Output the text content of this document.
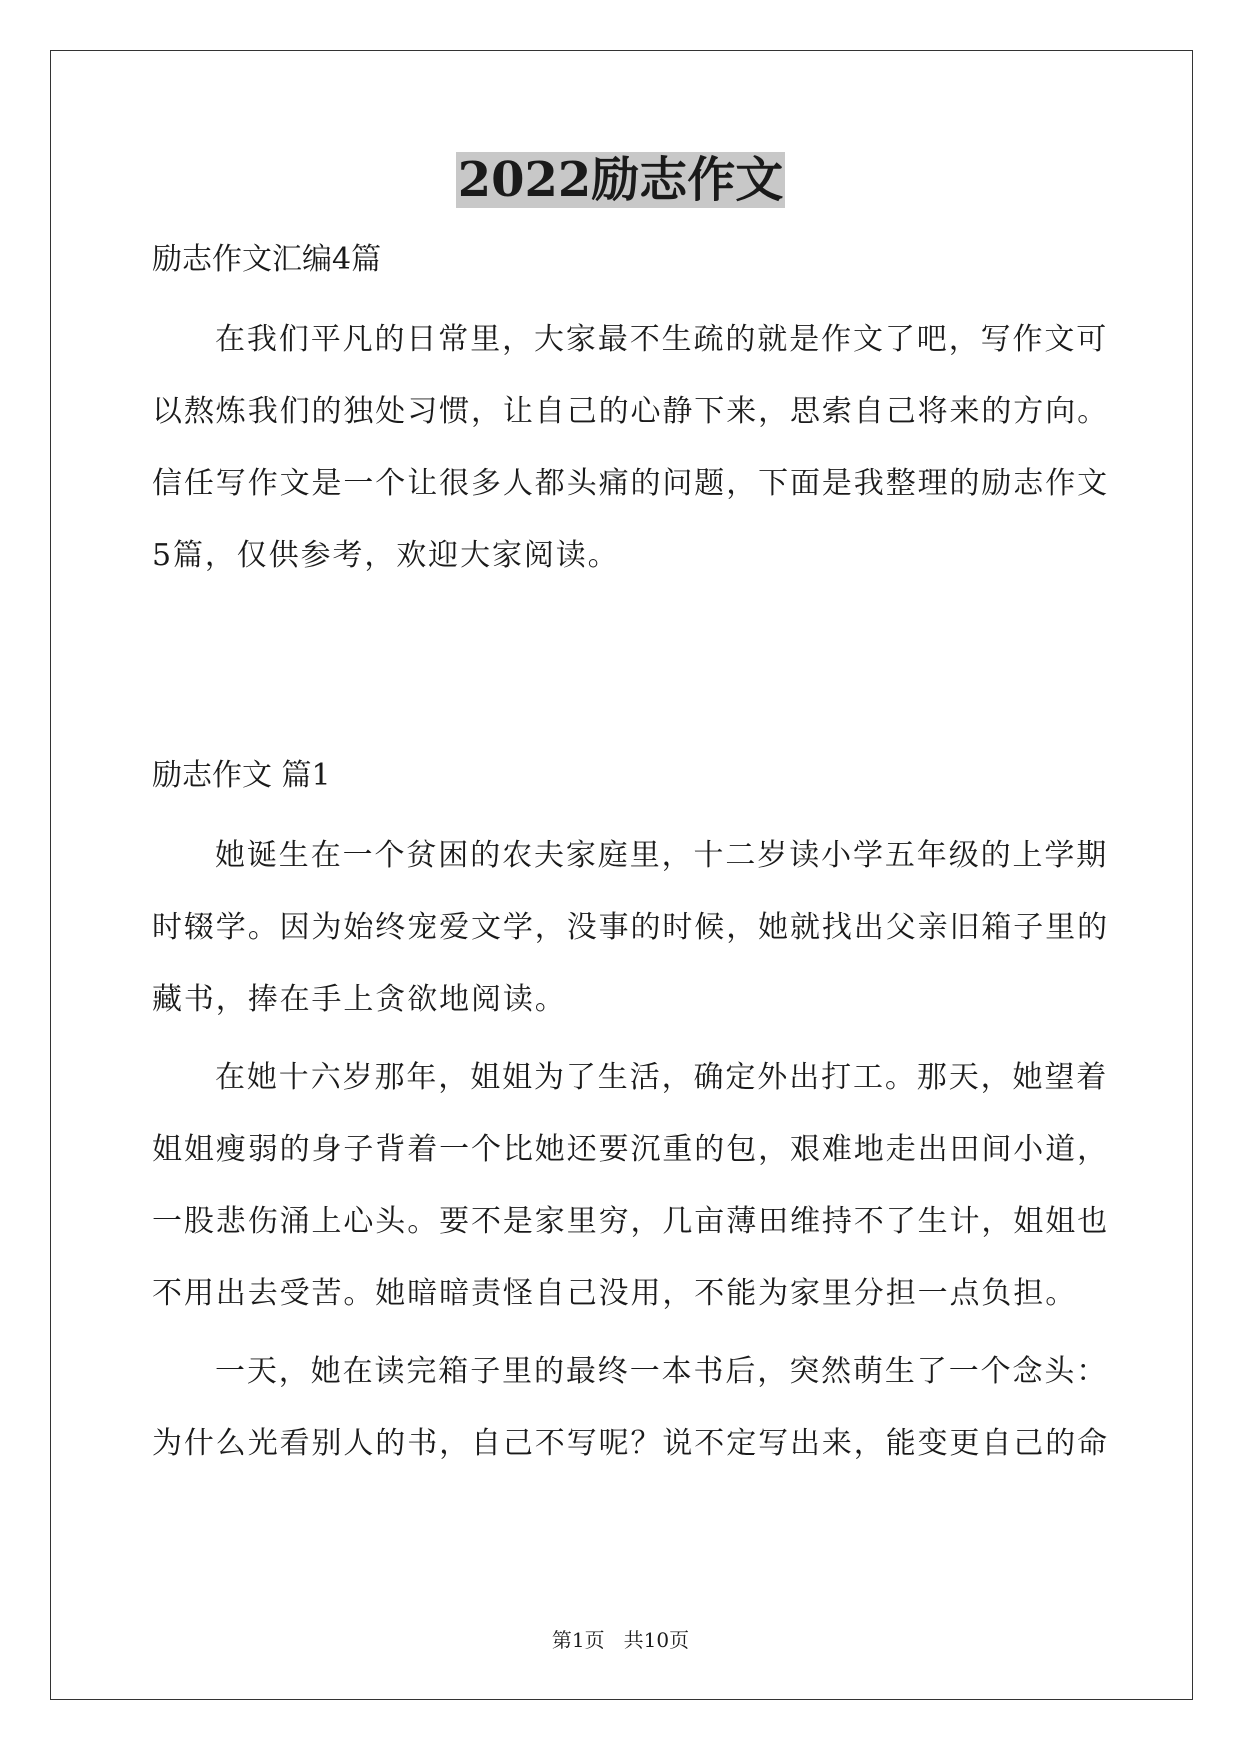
2022励志作文
励志作文汇编4篇
在我们平凡的日常里，大家最不生疏的就是作文了吧，写作文可
以熬炼我们的独处习惯，让自己的心静下来，思索自己将来的方向。
信任写作文是一个让很多人都头痛的问题，下面是我整理的励志作文
5篇，仅供参考，欢迎大家阅读。
励志作文 篇1
她诞生在一个贫困的农夫家庭里，十二岁读小学五年级的上学期
时辍学。因为始终宠爱文学，没事的时候，她就找出父亲旧箱子里的
藏书，捧在手上贪欲地阅读。
在她十六岁那年，姐姐为了生活，确定外出打工。那天，她望着
姐姐瘦弱的身子背着一个比她还要沉重的包，艰难地走出田间小道，
一股悲伤涌上心头。要不是家里穷，几亩薄田维持不了生计，姐姐也
不用出去受苦。她暗暗责怪自己没用，不能为家里分担一点负担。
一天，她在读完箱子里的最终一本书后，突然萌生了一个念头：
为什么光看别人的书，自己不写呢？说不定写出来，能变更自己的命
第1页   共10页
